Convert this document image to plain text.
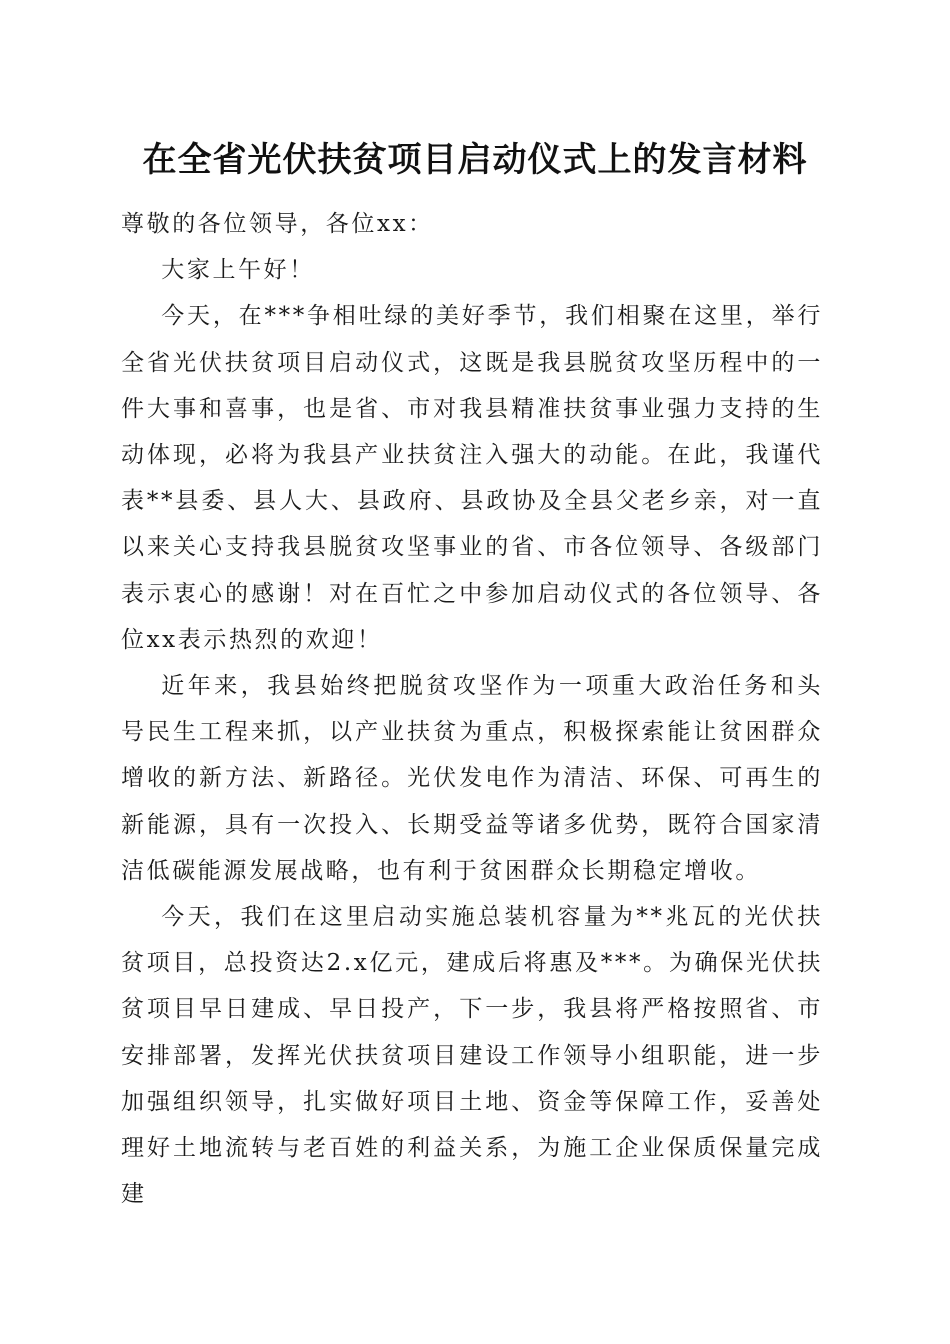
在全省光伏扶贫项目启动仪式上的发言材料

尊敬的各位领导，各位xx：

大家上午好！

今天，在***争相吐绿的美好季节，我们相聚在这里，举行全省光伏扶贫项目启动仪式，这既是我县脱贫攻坚历程中的一件大事和喜事，也是省、市对我县精准扶贫事业强力支持的生动体现，必将为我县产业扶贫注入强大的动能。在此，我谨代表**县委、县人大、县政府、县政协及全县父老乡亲，对一直以来关心支持我县脱贫攻坚事业的省、市各位领导、各级部门表示衷心的感谢！对在百忙之中参加启动仪式的各位领导、各位xx表示热烈的欢迎！

近年来，我县始终把脱贫攻坚作为一项重大政治任务和头号民生工程来抓，以产业扶贫为重点，积极探索能让贫困群众增收的新方法、新路径。光伏发电作为清洁、环保、可再生的新能源，具有一次投入、长期受益等诸多优势，既符合国家清洁低碳能源发展战略，也有利于贫困群众长期稳定增收。

今天，我们在这里启动实施总装机容量为**兆瓦的光伏扶贫项目，总投资达2.x亿元，建成后将惠及***。为确保光伏扶贫项目早日建成、早日投产，下一步，我县将严格按照省、市安排部署，发挥光伏扶贫项目建设工作领导小组职能，进一步加强组织领导，扎实做好项目土地、资金等保障工作，妥善处理好土地流转与老百姓的利益关系，为施工企业保质保量完成建
